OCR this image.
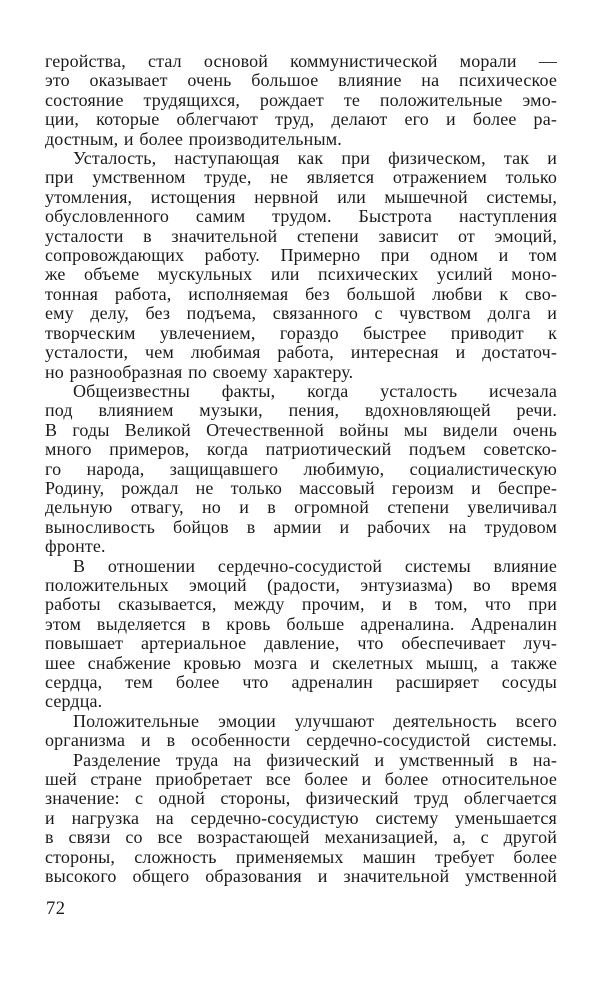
геройства, стал основой коммунистической морали —
это оказывает очень большое влияние на психическое
состояние трудящихся, рождает те положительные эмо-
ции, которые облегчают труд, делают его и более ра-
достным, и более производительным.
Усталость, наступающая как при физическом, так и
при умственном труде, не является отражением только
утомления, истощения нервной или мышечной системы,
обусловленного самим трудом. Быстрота наступления
усталости в значительной степени зависит от эмоций,
сопровождающих работу. Примерно при одном и том
же объеме мускульных или психических усилий моно-
тонная работа, исполняемая без большой любви к сво-
ему делу, без подъема, связанного с чувством долга и
творческим увлечением, гораздо быстрее приводит к
усталости, чем любимая работа, интересная и достаточ-
но разнообразная по своему характеру.
Общеизвестны факты, когда усталость исчезала
под влиянием музыки, пения, вдохновляющей речи.
В годы Великой Отечественной войны мы видели очень
много примеров, когда патриотический подъем советско-
го народа, защищавшего любимую, социалистическую
Родину, рождал не только массовый героизм и беспре-
дельную отвагу, но и в огромной степени увеличивал
выносливость бойцов в армии и рабочих на трудовом
фронте.
В отношении сердечно-сосудистой системы влияние
положительных эмоций (радости, энтузиазма) во время
работы сказывается, между прочим, и в том, что при
этом выделяется в кровь больше адреналина. Адреналин
повышает артериальное давление, что обеспечивает луч-
шее снабжение кровью мозга и скелетных мышц, а также
сердца, тем более что адреналин расширяет сосуды
сердца.
Положительные эмоции улучшают деятельность всего
организма и в особенности сердечно-сосудистой системы.
Разделение труда на физический и умственный в на-
шей стране приобретает все более и более относительное
значение: с одной стороны, физический труд облегчается
и нагрузка на сердечно-сосудистую систему уменьшается
в связи со все возрастающей механизацией, а, с другой
стороны, сложность применяемых машин требует более
высокого общего образования и значительной умственной
72
